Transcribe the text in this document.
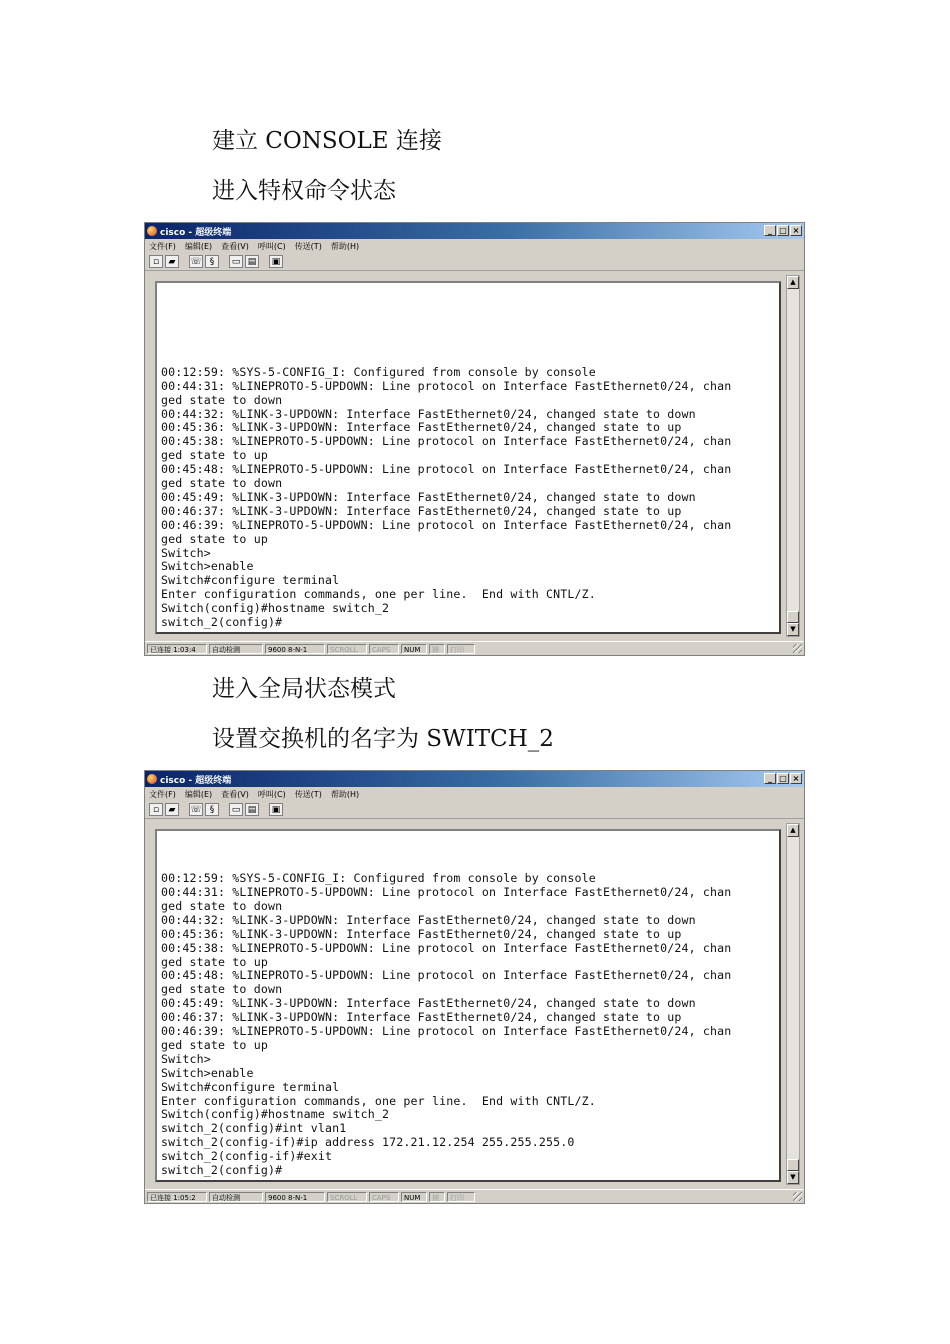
建立 CONSOLE 连接
进入特权命令状态
进入全局状态模式
设置交换机的名字为 SWITCH_2
cisco - 超级终端	_ □ ×
文件(F) 编辑(E) 查看(V) 呼叫(C) 传送(T) 帮助(H)
▫	▰	☏ §	▭ ▤	▣
00:12:59: %SYS-5-CONFIG_I: Configured from console by console
00:44:31: %LINEPROTO-5-UPDOWN: Line protocol on Interface FastEthernet0/24, chan
ged state to down
00:44:32: %LINK-3-UPDOWN: Interface FastEthernet0/24, changed state to down
00:45:36: %LINK-3-UPDOWN: Interface FastEthernet0/24, changed state to up
00:45:38: %LINEPROTO-5-UPDOWN: Line protocol on Interface FastEthernet0/24, chan
ged state to up
00:45:48: %LINEPROTO-5-UPDOWN: Line protocol on Interface FastEthernet0/24, chan
ged state to down
00:45:49: %LINK-3-UPDOWN: Interface FastEthernet0/24, changed state to down
00:46:37: %LINK-3-UPDOWN: Interface FastEthernet0/24, changed state to up
00:46:39: %LINEPROTO-5-UPDOWN: Line protocol on Interface FastEthernet0/24, chan
ged state to up
Switch>
Switch>enable
Switch#configure terminal
Enter configuration commands, one per line.  End with CNTL/Z.
Switch(config)#hostname switch_2
switch_2(config)#
▲
▼
已连接 1:03:4	自动检测	9600 8-N-1	SCROLL	CAPS	NUM	捕	打印
cisco - 超级终端	_ □ ×
文件(F) 编辑(E) 查看(V) 呼叫(C) 传送(T) 帮助(H)
▫	▰	☏ §	▭ ▤	▣
00:12:59: %SYS-5-CONFIG_I: Configured from console by console
00:44:31: %LINEPROTO-5-UPDOWN: Line protocol on Interface FastEthernet0/24, chan
ged state to down
00:44:32: %LINK-3-UPDOWN: Interface FastEthernet0/24, changed state to down
00:45:36: %LINK-3-UPDOWN: Interface FastEthernet0/24, changed state to up
00:45:38: %LINEPROTO-5-UPDOWN: Line protocol on Interface FastEthernet0/24, chan
ged state to up
00:45:48: %LINEPROTO-5-UPDOWN: Line protocol on Interface FastEthernet0/24, chan
ged state to down
00:45:49: %LINK-3-UPDOWN: Interface FastEthernet0/24, changed state to down
00:46:37: %LINK-3-UPDOWN: Interface FastEthernet0/24, changed state to up
00:46:39: %LINEPROTO-5-UPDOWN: Line protocol on Interface FastEthernet0/24, chan
ged state to up
Switch>
Switch>enable
Switch#configure terminal
Enter configuration commands, one per line.  End with CNTL/Z.
Switch(config)#hostname switch_2
switch_2(config)#int vlan1
switch_2(config-if)#ip address 172.21.12.254 255.255.255.0
switch_2(config-if)#exit
switch_2(config)#
▲
▼
已连接 1:05:2	自动检测	9600 8-N-1	SCROLL	CAPS	NUM	捕	打印
